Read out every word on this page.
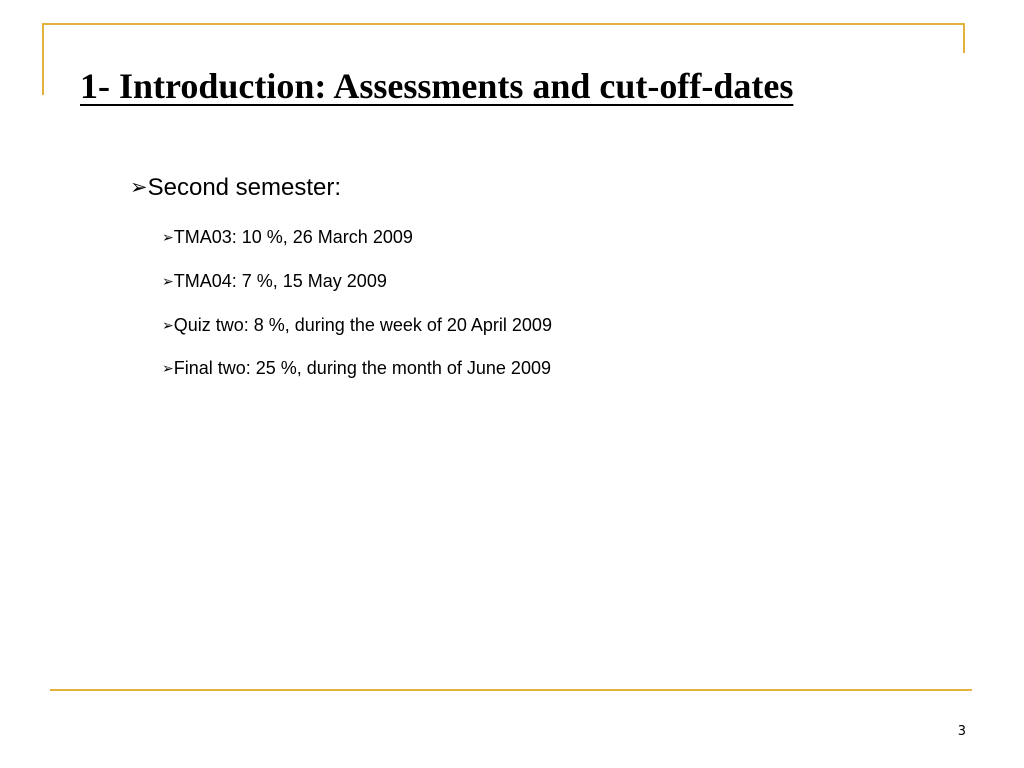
1- Introduction: Assessments and cut-off-dates
➢Second semester:
➢TMA03: 10 %, 26 March 2009
➢TMA04: 7 %, 15 May 2009
➢Quiz two: 8 %, during the week of 20 April 2009
➢Final two: 25 %, during the month of June 2009
3
